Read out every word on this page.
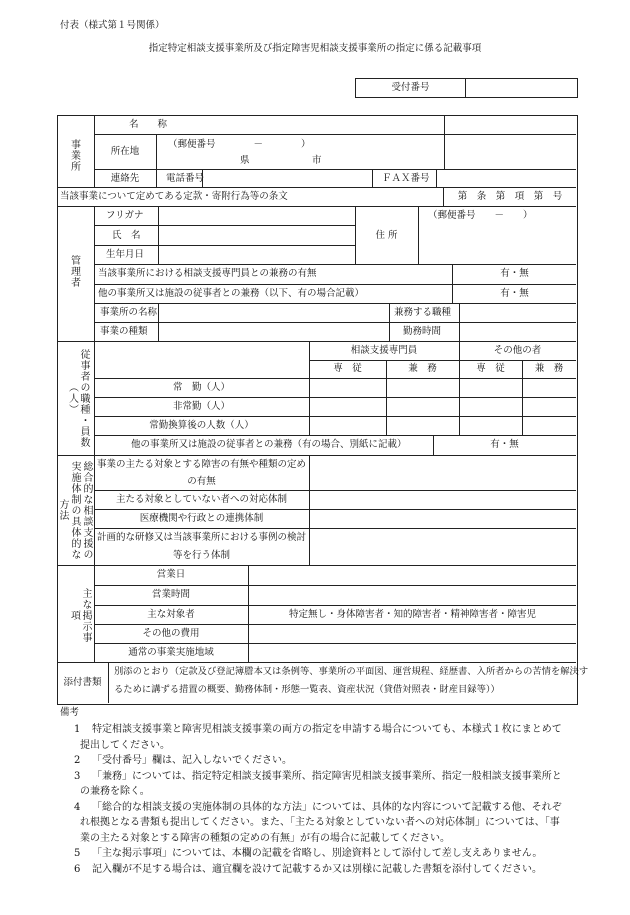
付表（様式第１号関係）
指定特定相談支援事業所及び指定障害児相談支援事業所の指定に係る記載事項
受付番号
事業所
名　　称
所在地
（郵便番号　　　　－　　　　）
県	市
連絡先	電話番号	ＦＡＸ番号
当該事業について定めてある定款・寄附行為等の条文	第　条　第　項　第　号
管理者
フリガナ
氏　名
生年月日
住 所
（郵便番号　　－　　）
当該事業所における相談支援専門員との兼務の有無	有・無
他の事業所又は施設の従事者との兼務（以下、有の場合記載）	有・無
事業所の名称	兼務する職種
事業の種類	勤務時間
従事者の職種・員数（人）
相談支援専門員	その他の者
専　従	兼　務	専　従	兼　務
常　勤（人）
非常勤（人）
常勤換算後の人数（人）
他の事業所又は施設の従事者との兼務（有の場合、別紙に記載）	有・無
総合的な相談支援の実施体制の具体的な方法
事業の主たる対象とする障害の有無や種類の定め
の有無
主たる対象としていない者への対応体制
医療機関や行政との連携体制
計画的な研修又は当該事業所における事例の検討
等を行う体制
主な掲示事項
営業日
営業時間
主な対象者	特定無し・身体障害者・知的障害者・精神障害者・障害児
その他の費用
通常の事業実施地域
添付書類
別添のとおり（定款及び登記簿謄本又は条例等、事業所の平面図、運営規程、経歴書、入所者からの苦情を解決す
るために講ずる措置の概要、勤務体制・形態一覧表、資産状況（貸借対照表・財産目録等））
備考
1 特定相談支援事業と障害児相談支援事業の両方の指定を申請する場合についても、本様式１枚にまとめて
提出してください。
2 「受付番号」欄は、記入しないでください。
3 「兼務」については、指定特定相談支援事業所、指定障害児相談支援事業所、指定一般相談支援事業所と
の兼務を除く。
4 「総合的な相談支援の実施体制の具体的な方法」については、具体的な内容について記載する他、それぞ
れ根拠となる書類も提出してください。また、「主たる対象としていない者への対応体制」については、「事
業の主たる対象とする障害の種類の定めの有無」が有の場合に記載してください。
5 「主な掲示事項」については、本欄の記載を省略し、別途資料として添付して差し支えありません。
6 記入欄が不足する場合は、適宜欄を設けて記載するか又は別様に記載した書類を添付してください。
